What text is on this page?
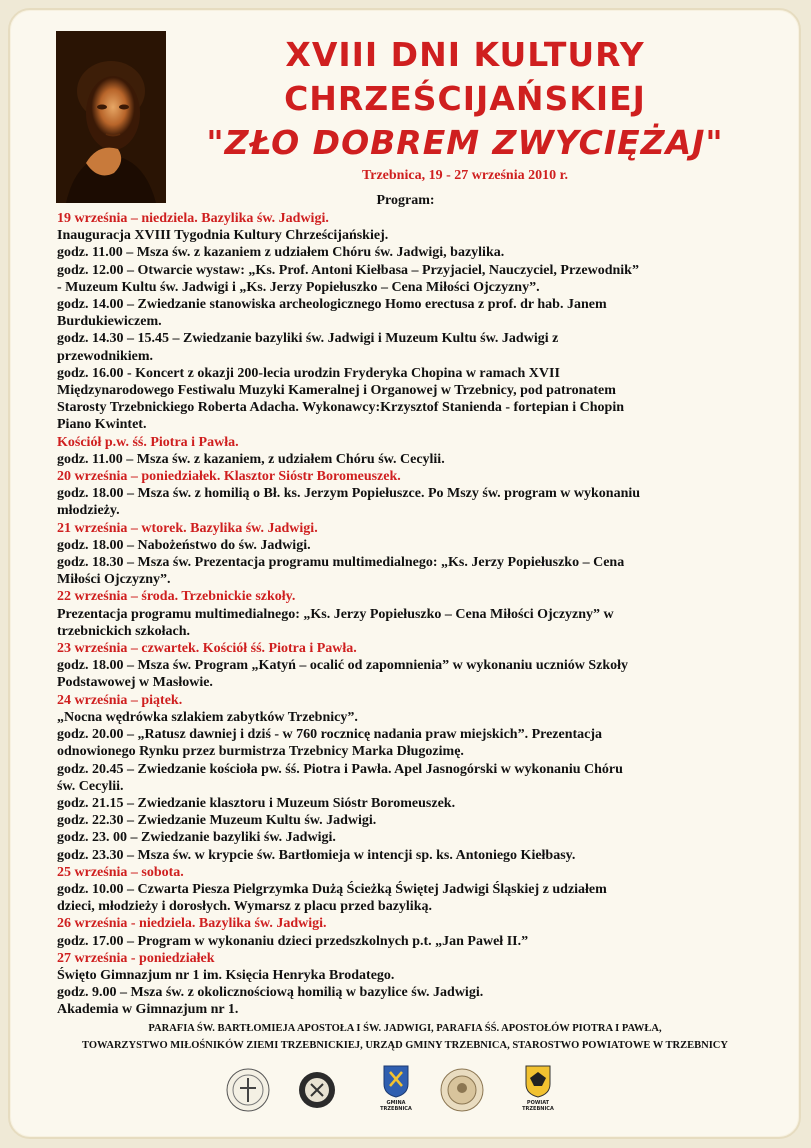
XVIII DNI KULTURY
CHRZEŚCIJAŃSKIEJ
"ZŁO DOBREM ZWYCIĘŻAJ"
Trzebnica, 19 - 27 września 2010 r.
Program:
19 września – niedziela. Bazylika św. Jadwigi.
Inauguracja XVIII Tygodnia Kultury Chrześcijańskiej.
godz. 11.00 – Msza św. z kazaniem z udziałem Chóru św. Jadwigi, bazylika.
godz. 12.00 – Otwarcie wystaw: „Ks. Prof. Antoni Kiełbasa – Przyjaciel, Nauczyciel, Przewodnik”
- Muzeum Kultu św. Jadwigi i „Ks. Jerzy Popiełuszko – Cena Miłości Ojczyzny”.
godz. 14.00 – Zwiedzanie stanowiska archeologicznego Homo erectusa z prof. dr hab. Janem
Burdukiewiczem.
godz. 14.30 – 15.45 – Zwiedzanie bazyliki św. Jadwigi i Muzeum Kultu św. Jadwigi z
przewodnikiem.
godz. 16.00 - Koncert z okazji 200-lecia urodzin Fryderyka Chopina w ramach XVII
Międzynarodowego Festiwalu Muzyki Kameralnej i Organowej w Trzebnicy, pod patronatem
Starosty Trzebnickiego Roberta Adacha. Wykonawcy:Krzysztof Stanienda - fortepian i Chopin
Piano Kwintet.
Kościół p.w. śś. Piotra i Pawła.
godz. 11.00 – Msza św. z kazaniem, z udziałem Chóru św. Cecylii.
20 września – poniedziałek. Klasztor Sióstr Boromeuszek.
godz. 18.00 – Msza św. z homilią o Bł. ks. Jerzym Popiełuszce. Po Mszy św. program w wykonaniu
młodzieży.
21 września – wtorek. Bazylika św. Jadwigi.
godz. 18.00 – Nabożeństwo do św. Jadwigi.
godz. 18.30 – Msza św. Prezentacja programu multimedialnego: „Ks. Jerzy Popiełuszko – Cena
Miłości Ojczyzny”.
22 września – środa. Trzebnickie szkoły.
Prezentacja programu multimedialnego: „Ks. Jerzy Popiełuszko – Cena Miłości Ojczyzny” w
trzebnickich szkołach.
23 września – czwartek. Kościół śś. Piotra i Pawła.
godz. 18.00 – Msza św. Program „Katyń – ocalić od zapomnienia” w wykonaniu uczniów Szkoły
Podstawowej w Masłowie.
24 września – piątek.
„Nocna wędrówka szlakiem zabytków Trzebnicy”.
godz. 20.00 – „Ratusz dawniej i dziś - w 760 rocznicę nadania praw miejskich”. Prezentacja
odnowionego Rynku przez burmistrza Trzebnicy Marka Długozimę.
godz. 20.45 – Zwiedzanie kościoła pw. śś. Piotra i Pawła. Apel Jasnogórski w wykonaniu Chóru
św. Cecylii.
godz. 21.15 – Zwiedzanie klasztoru i Muzeum Sióstr Boromeuszek.
godz. 22.30 – Zwiedzanie Muzeum Kultu św. Jadwigi.
godz. 23. 00 – Zwiedzanie bazyliki św. Jadwigi.
godz. 23.30 – Msza św. w krypcie św. Bartłomieja w intencji sp. ks. Antoniego Kiełbasy.
25 września – sobota.
godz. 10.00 – Czwarta Piesza Pielgrzymka Dużą Ścieżką Świętej Jadwigi Śląskiej z udziałem
dzieci, młodzieży i dorosłych. Wymarsz z placu przed bazyliką.
26 września - niedziela. Bazylika św. Jadwigi.
godz. 17.00 – Program w wykonaniu dzieci przedszkolnych p.t. „Jan Paweł II.”
27 września - poniedziałek
Święto Gimnazjum nr 1 im. Księcia Henryka Brodatego.
godz. 9.00 – Msza św. z okolicznościową homilią w bazylice św. Jadwigi.
Akademia w Gimnazjum nr 1.
PARAFIA ŚW. BARTŁOMIEJA APOSTOŁA I ŚW. JADWIGI, PARAFIA ŚŚ. APOSTOŁÓW PIOTRA I PAWŁA,
TOWARZYSTWO MIŁOŚNIKÓW ZIEMI TRZEBNICKIEJ, URZĄD GMINY TRZEBNICA, STAROSTWO POWIATOWE W TRZEBNICY
GMINA
TRZEBNICA
POWIAT
TRZEBNICA
